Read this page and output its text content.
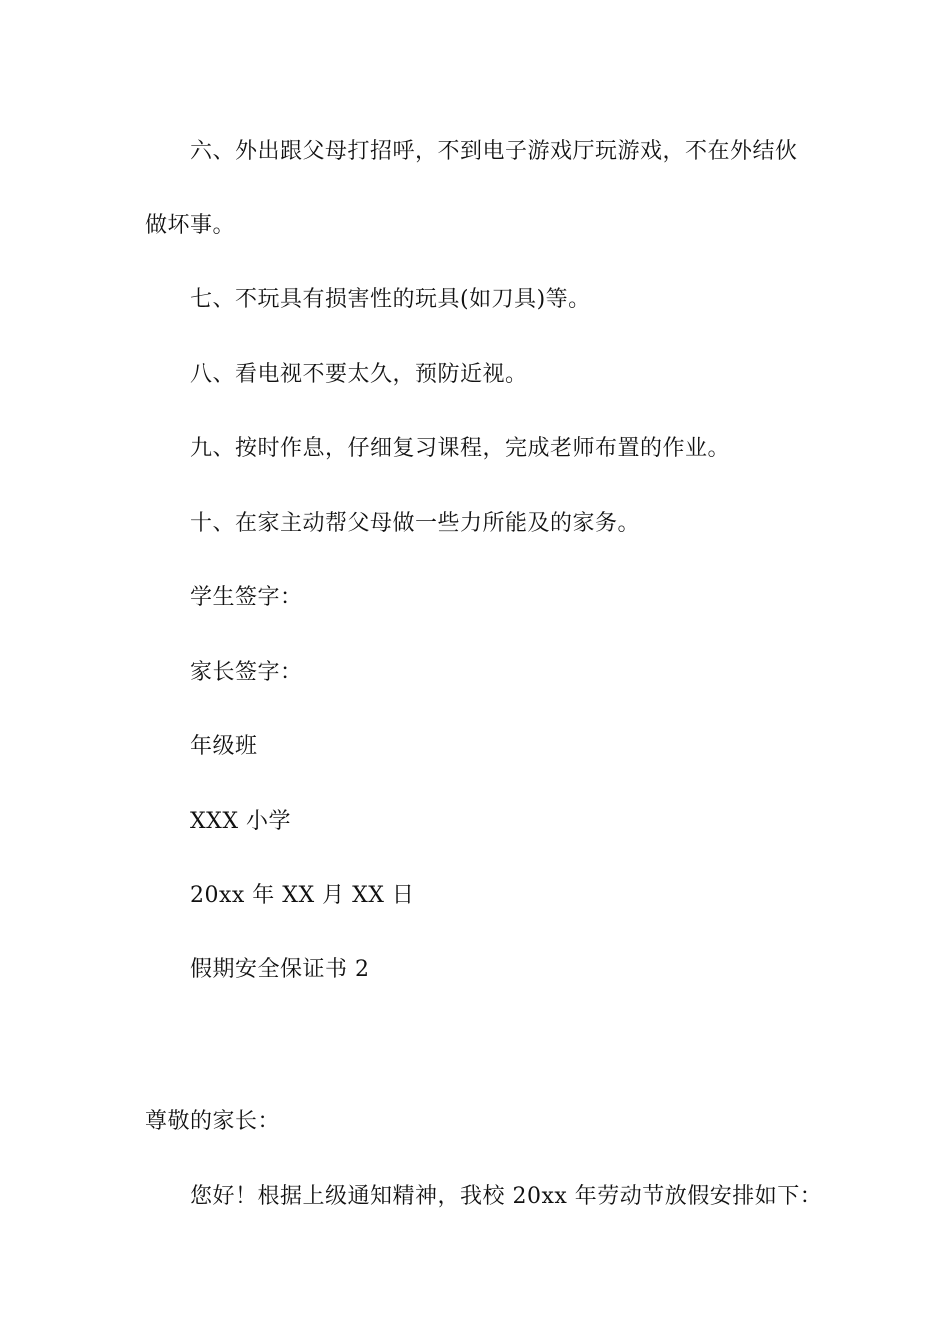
六、外出跟父母打招呼，不到电子游戏厅玩游戏，不在外结伙

做坏事。

七、不玩具有损害性的玩具(如刀具)等。

八、看电视不要太久，预防近视。

九、按时作息，仔细复习课程，完成老师布置的作业。

十、在家主动帮父母做一些力所能及的家务。

学生签字：

家长签字：

年级班

XXX 小学

20xx 年 XX 月 XX 日

假期安全保证书 2

尊敬的家长：

您好！根据上级通知精神，我校 20xx 年劳动节放假安排如下：
